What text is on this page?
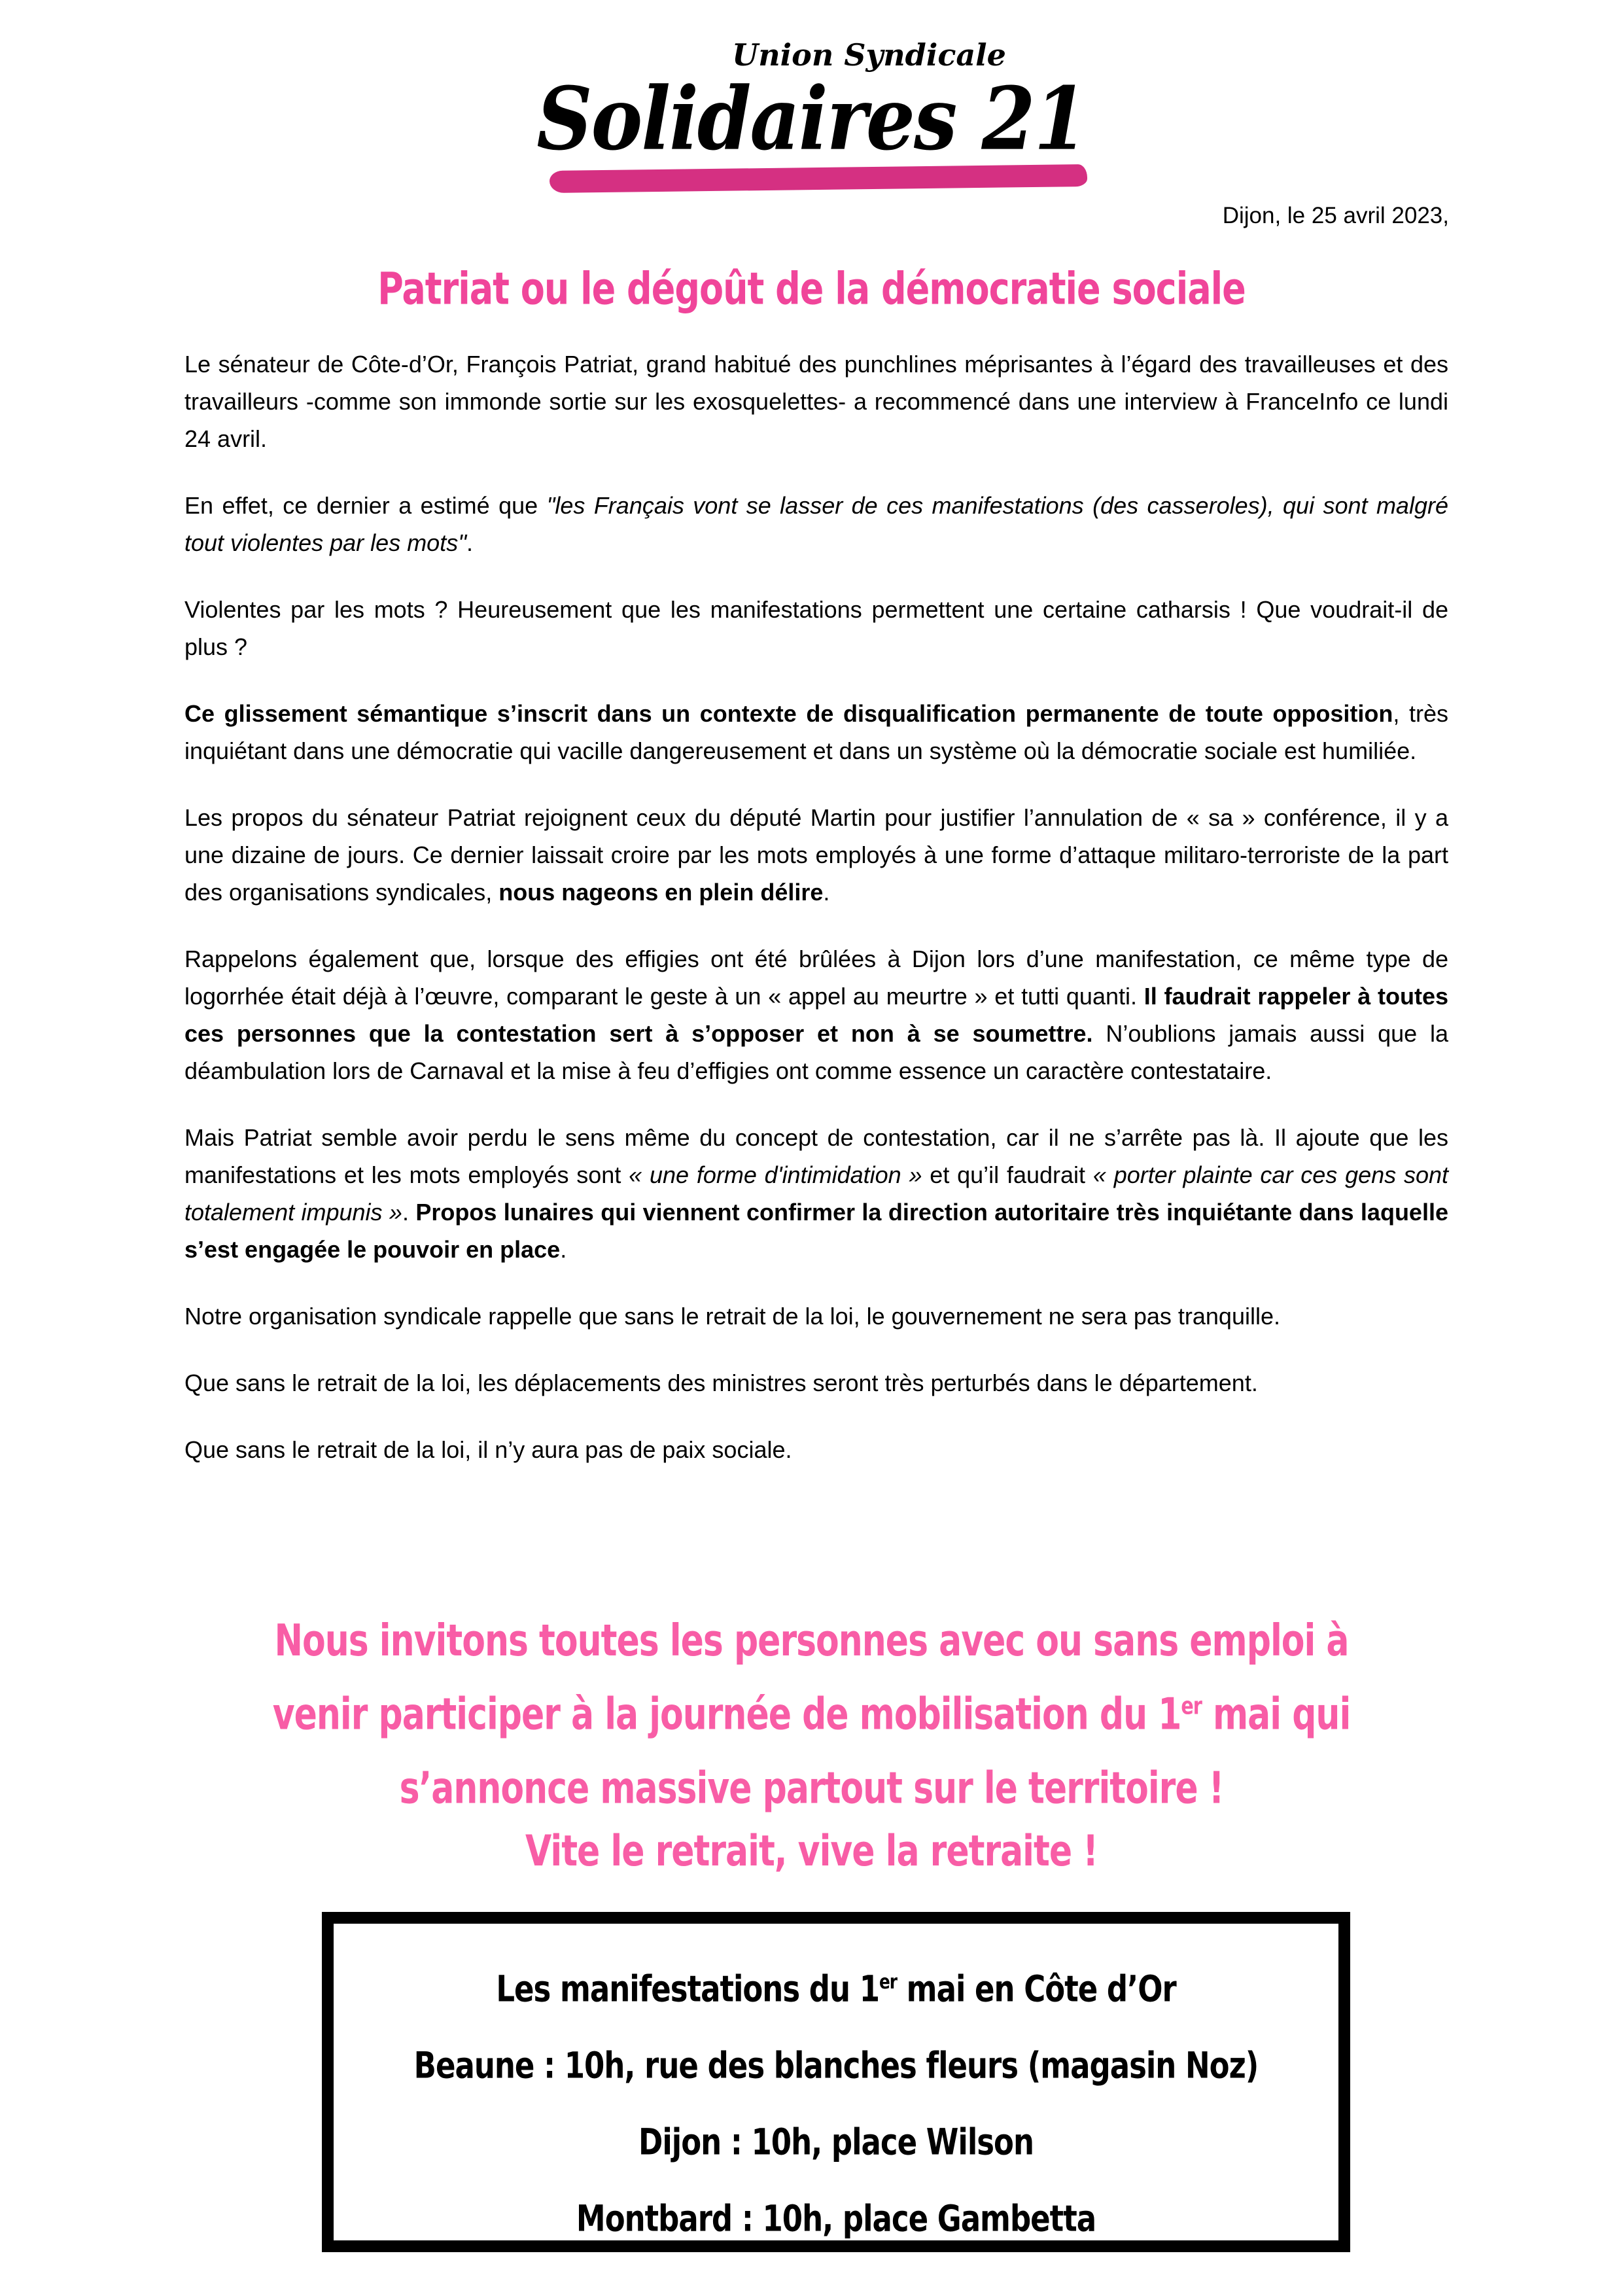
Union Syndicale
Solidaires 21
Dijon, le 25 avril 2023,
Patriat ou le dégoût de la démocratie sociale

Le sénateur de Côte-d’Or, François Patriat, grand habitué des punchlines méprisantes à l’égard des travailleuses et des travailleurs -comme son immonde sortie sur les exosquelettes- a recommencé dans une interview à FranceInfo ce lundi 24 avril.

En effet, ce dernier a estimé que "les Français vont se lasser de ces manifestations (des casseroles), qui sont malgré tout violentes par les mots".

Violentes par les mots ? Heureusement que les manifestations permettent une certaine catharsis ! Que voudrait-il de plus ?

Ce glissement sémantique s’inscrit dans un contexte de disqualification permanente de toute opposition, très inquiétant dans une démocratie qui vacille dangereusement et dans un système où la démocratie sociale est humiliée.

Les propos du sénateur Patriat rejoignent ceux du député Martin pour justifier l’annulation de « sa » conférence, il y a une dizaine de jours. Ce dernier laissait croire par les mots employés à une forme d’attaque militaro-terroriste de la part des organisations syndicales, nous nageons en plein délire.

Rappelons également que, lorsque des effigies ont été brûlées à Dijon lors d’une manifestation, ce même type de logorrhée était déjà à l’œuvre, comparant le geste à un « appel au meurtre » et tutti quanti. Il faudrait rappeler à toutes ces personnes que la contestation sert à s’opposer et non à se soumettre. N’oublions jamais aussi que la déambulation lors de Carnaval et la mise à feu d’effigies ont comme essence un caractère contestataire.

Mais Patriat semble avoir perdu le sens même du concept de contestation, car il ne s’arrête pas là. Il ajoute que les manifestations et les mots employés sont « une forme d'intimidation » et qu’il faudrait « porter plainte car ces gens sont totalement impunis ». Propos lunaires qui viennent confirmer la direction autoritaire très inquiétante dans laquelle s’est engagée le pouvoir en place.

Notre organisation syndicale rappelle que sans le retrait de la loi, le gouvernement ne sera pas tranquille.

Que sans le retrait de la loi, les déplacements des ministres seront très perturbés dans le département.

Que sans le retrait de la loi, il n’y aura pas de paix sociale.

Nous invitons toutes les personnes avec ou sans emploi à
venir participer à la journée de mobilisation du 1er mai qui
s’annonce massive partout sur le territoire !
Vite le retrait, vive la retraite !
Les manifestations du 1er mai en Côte d’Or
Beaune : 10h, rue des blanches fleurs (magasin Noz)
Dijon : 10h, place Wilson
Montbard : 10h, place Gambetta
